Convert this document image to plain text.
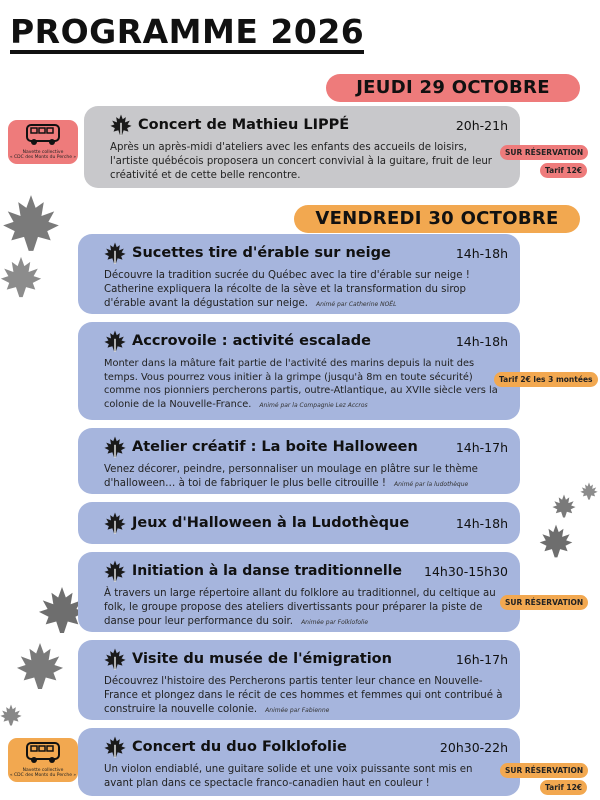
PROGRAMME 2026
JEUDI 29 OCTOBRE
VENDREDI 30 OCTOBRE
Navette collective
« CDC des Monts du Perche »
Navette collective
« CDC des Monts du Perche »
Concert de Mathieu LIPPÉ	20h-21h
Après un après-midi d'ateliers avec les enfants des accueils de loisirs, l'artiste québécois proposera un concert convivial à la guitare, fruit de leur créativité et de cette belle rencontre.
Sucettes tire d'érable sur neige	14h-18h
Découvre la tradition sucrée du Québec avec la tire d'érable sur neige ! Catherine expliquera la récolte de la sève et la transformation du sirop d'érable avant la dégustation sur neige. Animé par Catherine NOËL
Accrovoile : activité escalade	14h-18h
Monter dans la mâture fait partie de l'activité des marins depuis la nuit des temps. Vous pourrez vous initier à la grimpe (jusqu'à 8m en toute sécurité) comme nos pionniers percherons partis, outre-Atlantique, au XVIIe siècle vers la colonie de la Nouvelle-France. Animé par la Compagnie Lez Accros
Atelier créatif : La boite Halloween	14h-17h
Venez décorer, peindre, personnaliser un moulage en plâtre sur le thème d'halloween… à toi de fabriquer le plus belle citrouille ! Animé par la ludothèque
Jeux d'Halloween à la Ludothèque	14h-18h
Initiation à la danse traditionnelle	14h30-15h30
À travers un large répertoire allant du folklore au traditionnel, du celtique au folk, le groupe propose des ateliers divertissants pour préparer la piste de danse pour leur performance du soir. Animée par Folklofolie
Visite du musée de l'émigration	16h-17h
Découvrez l'histoire des Percherons partis tenter leur chance en Nouvelle-France et plongez dans le récit de ces hommes et femmes qui ont contribué à construire la nouvelle colonie. Animée par Fabienne
Concert du duo Folklofolie	20h30-22h
Un violon endiablé, une guitare solide et une voix puissante sont mis en avant plan dans ce spectacle franco-canadien haut en couleur !
SUR RÉSERVATION
Tarif 12€
Tarif 2€ les 3 montées
SUR RÉSERVATION
SUR RÉSERVATION
Tarif 12€
